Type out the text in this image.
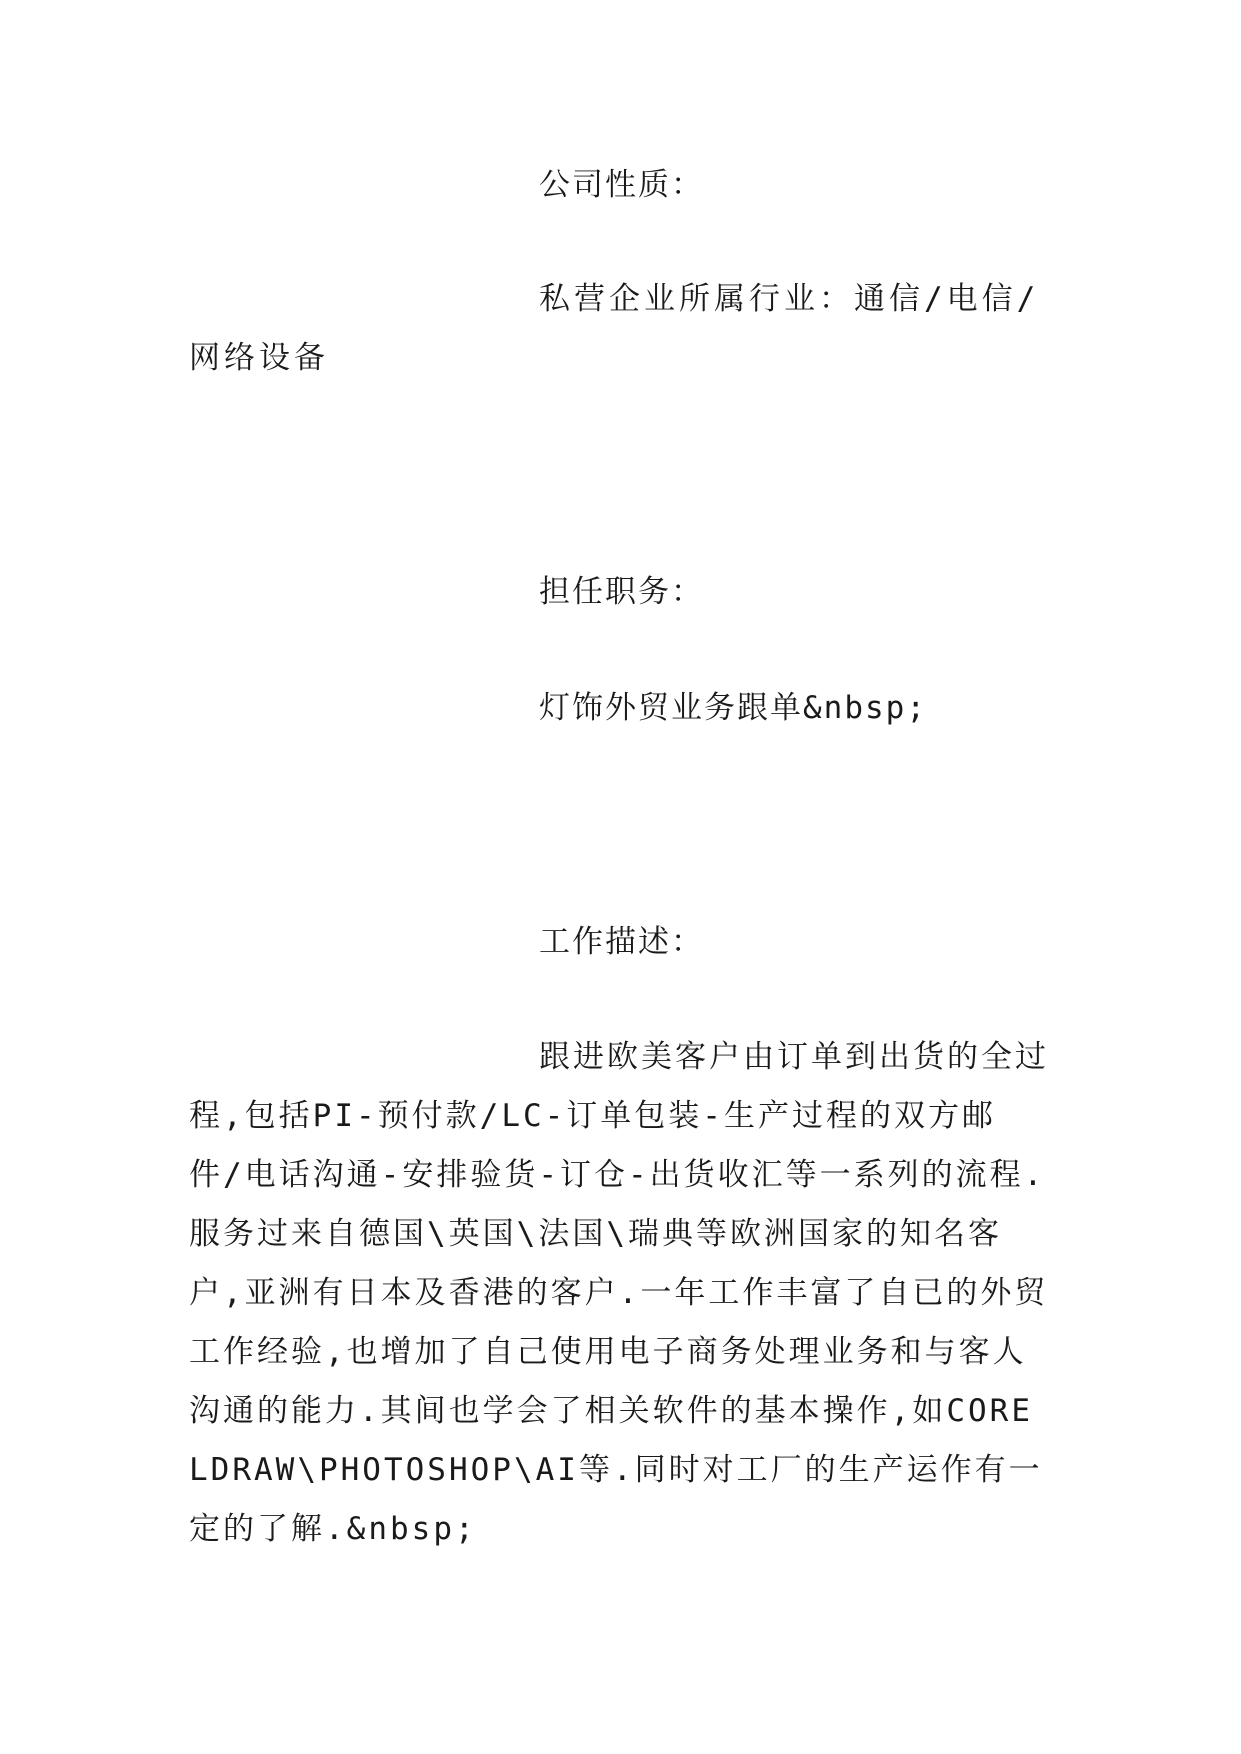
公司性质：

私营企业所属行业：通信/电信/网络设备

担任职务：

灯饰外贸业务跟单&nbsp;

工作描述：

跟进欧美客户由订单到出货的全过程,包括PI-预付款/LC-订单包装-生产过程的双方邮件/电话沟通-安排验货-订仓-出货收汇等一系列的流程.服务过来自德国\英国\法国\瑞典等欧洲国家的知名客户,亚洲有日本及香港的客户.一年工作丰富了自已的外贸工作经验,也增加了自己使用电子商务处理业务和与客人沟通的能力.其间也学会了相关软件的基本操作,如CORELDRAW\PHOTOSHOP\AI等.同时对工厂的生产运作有一定的了解.&nbsp;
